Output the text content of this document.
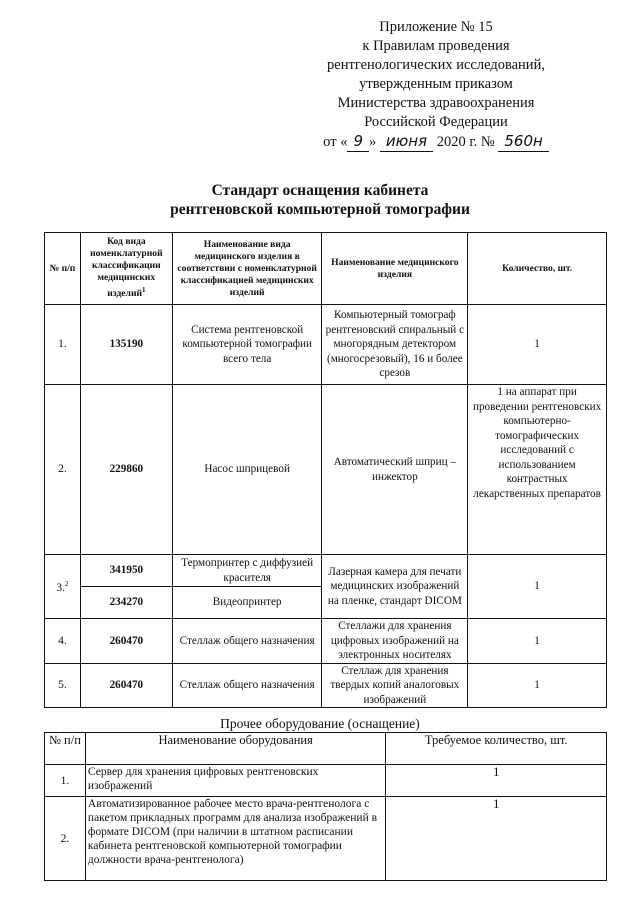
Приложение № 15
к Правилам проведения
рентгенологических исследований,
утвержденным приказом
Министерства здравоохранения
Российской Федерации
от « 9 » июня 2020 г. № 560н
Стандарт оснащения кабинета
рентгеновской компьютерной томографии
№ п/п	Код вида номенклатурной классификации медицинских изделий$^1$	Наименование вида медицинского изделия в соответствии с номенклатурной классификацией медицинских изделий	Наименование медицинского изделия	Количество, шт.
1.	135190	Система рентгеновской компьютерной томографии всего тела	Компьютерный томограф рентгеновский спиральный с многорядным детектором (многосрезовый), 16 и более срезов	1
2.	229860	Насос шприцевой	Автоматический шприц – инжектор	1 на аппарат при проведении рентгеновских компьютерно-томографических исследований с использованием контрастных лекарственных препаратов
3.$^2$	341950	Термопринтер с диффузией красителя	Лазерная камера для печати медицинских изображений на пленке, стандарт DICOM	1
	234270	Видеопринтер		
4.	260470	Стеллаж общего назначения	Стеллажи для хранения цифровых изображений на электронных носителях	1
5.	260470	Стеллаж общего назначения	Стеллаж для хранения твердых копий аналоговых изображений	1
Прочее оборудование (оснащение)
№ п/п	Наименование оборудования	Требуемое количество, шт.
1.	Сервер для хранения цифровых рентгеновских изображений	1
2.	Автоматизированное рабочее место врача-рентгенолога с пакетом прикладных программ для анализа изображений в формате DICOM (при наличии в штатном расписании кабинета рентгеновской компьютерной томографии должности врача-рентгенолога)	1
